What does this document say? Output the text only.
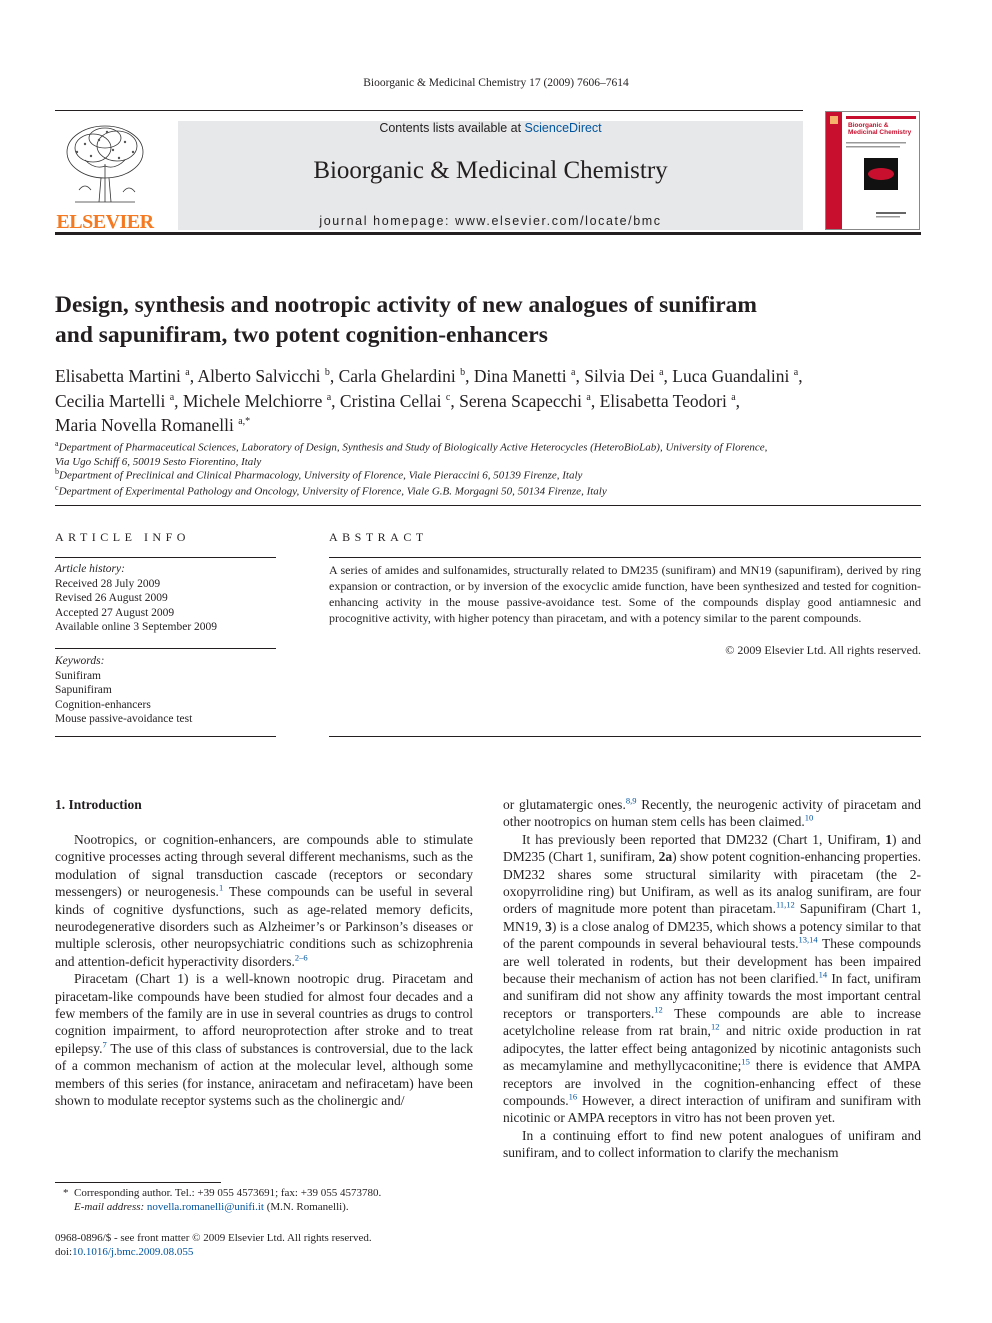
Bioorganic & Medicinal Chemistry 17 (2009) 7606–7614
ELSEVIER
Contents lists available at ScienceDirect
Bioorganic & Medicinal Chemistry
journal homepage: www.elsevier.com/locate/bmc
Bioorganic & Medicinal Chemistry
Design, synthesis and nootropic activity of new analogues of sunifiram
and sapunifiram, two potent cognition-enhancers
Elisabetta Martini $^a$, Alberto Salvicchi $^b$, Carla Ghelardini $^b$, Dina Manetti $^a$, Silvia Dei $^a$, Luca Guandalini $^a$,
Cecilia Martelli $^a$, Michele Melchiorre $^a$, Cristina Cellai $^c$, Serena Scapecchi $^a$, Elisabetta Teodori $^a$,
Maria Novella Romanelli $^{a,*}$
$^a$Department of Pharmaceutical Sciences, Laboratory of Design, Synthesis and Study of Biologically Active Heterocycles (HeteroBioLab), University of Florence,
Via Ugo Schiff 6, 50019 Sesto Fiorentino, Italy
$^b$Department of Preclinical and Clinical Pharmacology, University of Florence, Viale Pieraccini 6, 50139 Firenze, Italy
$^c$Department of Experimental Pathology and Oncology, University of Florence, Viale G.B. Morgagni 50, 50134 Firenze, Italy
ARTICLE INFO
Article history:
Received 28 July 2009
Revised 26 August 2009
Accepted 27 August 2009
Available online 3 September 2009
Keywords:
Sunifiram
Sapunifiram
Cognition-enhancers
Mouse passive-avoidance test
ABSTRACT
A series of amides and sulfonamides, structurally related to DM235 (sunifiram) and MN19 (sapunifiram), derived by ring expansion or contraction, or by inversion of the exocyclic amide function, have been synthesized and tested for cognition-enhancing activity in the mouse passive-avoidance test. Some of the compounds display good antiamnesic and procognitive activity, with higher potency than piracetam, and with a potency similar to the parent compounds.
© 2009 Elsevier Ltd. All rights reserved.
1. Introduction

Nootropics, or cognition-enhancers, are compounds able to stimulate cognitive processes acting through several different mechanisms, such as the modulation of signal transduction cascade (receptors or secondary messengers) or neurogenesis.$^1$ These compounds can be useful in several kinds of cognitive dysfunctions, such as age-related memory deficits, neurodegenerative disorders such as Alzheimer’s or Parkinson’s diseases or multiple sclerosis, other neuropsychiatric conditions such as schizophrenia and attention-deficit hyperactivity disorders.$^{2-6}$

Piracetam (Chart 1) is a well-known nootropic drug. Piracetam and piracetam-like compounds have been studied for almost four decades and a few members of the family are in use in several countries as drugs to control cognition impairment, to afford neuroprotection after stroke and to treat epilepsy.$^7$ The use of this class of substances is controversial, due to the lack of a common mechanism of action at the molecular level, although some members of this series (for instance, aniracetam and nefiracetam) have been shown to modulate receptor systems such as the cholinergic and/

or glutamatergic ones.$^{8,9}$ Recently, the neurogenic activity of piracetam and other nootropics on human stem cells has been claimed.$^{10}$

It has previously been reported that DM232 (Chart 1, Unifiram, 1) and DM235 (Chart 1, sunifiram, 2a) show potent cognition-enhancing properties. DM232 shares some structural similarity with piracetam (the 2-oxopyrrolidine ring) but Unifiram, as well as its analog sunifiram, are four orders of magnitude more potent than piracetam.$^{11,12}$ Sapunifiram (Chart 1, MN19, 3) is a close analog of DM235, which shows a potency similar to that of the parent compounds in several behavioural tests.$^{13,14}$ These compounds are well tolerated in rodents, but their development has been impaired because their mechanism of action has not been clarified.$^{14}$ In fact, unifiram and sunifiram did not show any affinity towards the most important central receptors or transporters.$^{12}$ These compounds are able to increase acetylcholine release from rat brain,$^{12}$ and nitric oxide production in rat adipocytes, the latter effect being antagonized by nicotinic antagonists such as mecamylamine and methyllycaconitine;$^{15}$ there is evidence that AMPA receptors are involved in the cognition-enhancing effect of these compounds.$^{16}$ However, a direct interaction of unifiram and sunifiram with nicotinic or AMPA receptors in vitro has not been proven yet.

In a continuing effort to find new potent analogues of unifiram and sunifiram, and to collect information to clarify the mechanism

* Corresponding author. Tel.: +39 055 4573691; fax: +39 055 4573780.
E-mail address: novella.romanelli@unifi.it (M.N. Romanelli).
0968-0896/$ - see front matter © 2009 Elsevier Ltd. All rights reserved.
doi:10.1016/j.bmc.2009.08.055
